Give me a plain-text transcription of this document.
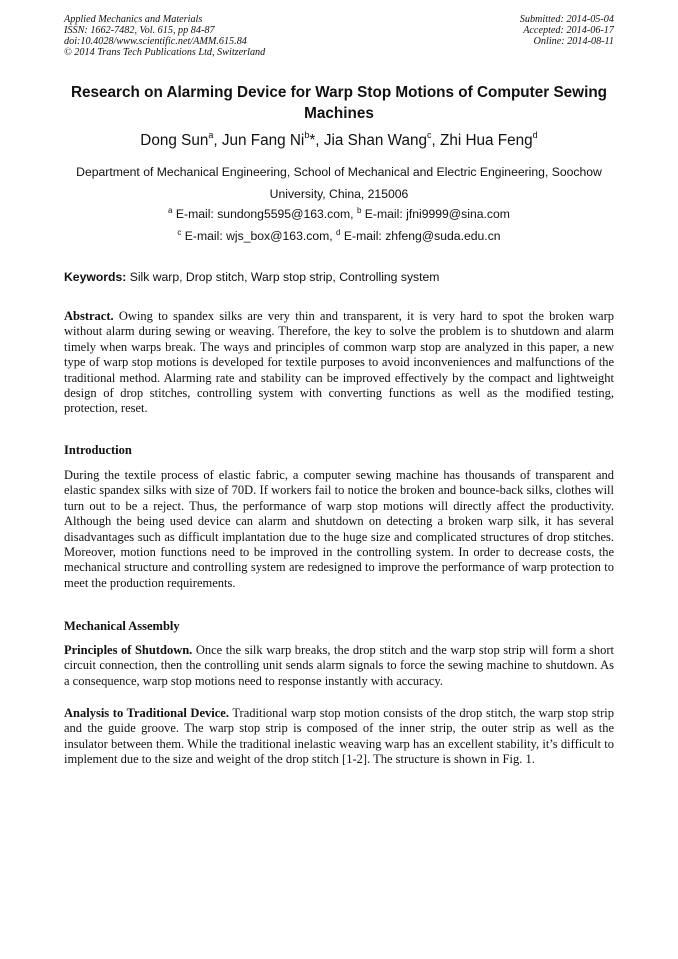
Applied Mechanics and Materials
ISSN: 1662-7482, Vol. 615, pp 84-87
doi:10.4028/www.scientific.net/AMM.615.84
© 2014 Trans Tech Publications Ltd, Switzerland
Submitted: 2014-05-04
Accepted: 2014-06-17
Online: 2014-08-11
Research on Alarming Device for Warp Stop Motions of Computer Sewing Machines
Dong Sun$^a$, Jun Fang Ni$^b$*, Jia Shan Wang$^c$, Zhi Hua Feng$^d$
Department of Mechanical Engineering, School of Mechanical and Electric Engineering, Soochow University, China, 215006
$^a$ E-mail: sundong5595@163.com, $^b$ E-mail: jfni9999@sina.com
$^c$ E-mail: wjs_box@163.com, $^d$ E-mail: zhfeng@suda.edu.cn
Keywords: Silk warp, Drop stitch, Warp stop strip, Controlling system
Abstract. Owing to spandex silks are very thin and transparent, it is very hard to spot the broken warp without alarm during sewing or weaving. Therefore, the key to solve the problem is to shutdown and alarm timely when warps break. The ways and principles of common warp stop are analyzed in this paper, a new type of warp stop motions is developed for textile purposes to avoid inconveniences and malfunctions of the traditional method. Alarming rate and stability can be improved effectively by the compact and lightweight design of drop stitches, controlling system with converting functions as well as the modified testing, protection, reset.
Introduction
During the textile process of elastic fabric, a computer sewing machine has thousands of transparent and elastic spandex silks with size of 70D. If workers fail to notice the broken and bounce-back silks, clothes will turn out to be a reject. Thus, the performance of warp stop motions will directly affect the productivity. Although the being used device can alarm and shutdown on detecting a broken warp silk, it has several disadvantages such as difficult implantation due to the huge size and complicated structures of drop stitches. Moreover, motion functions need to be improved in the controlling system. In order to decrease costs, the mechanical structure and controlling system are redesigned to improve the performance of warp protection to meet the production requirements.
Mechanical Assembly
Principles of Shutdown. Once the silk warp breaks, the drop stitch and the warp stop strip will form a short circuit connection, then the controlling unit sends alarm signals to force the sewing machine to shutdown. As a consequence, warp stop motions need to response instantly with accuracy.
Analysis to Traditional Device. Traditional warp stop motion consists of the drop stitch, the warp stop strip and the guide groove. The warp stop strip is composed of the inner strip, the outer strip as well as the insulator between them. While the traditional inelastic weaving warp has an excellent stability, it’s difficult to implement due to the size and weight of the drop stitch [1-2]. The structure is shown in Fig. 1.
